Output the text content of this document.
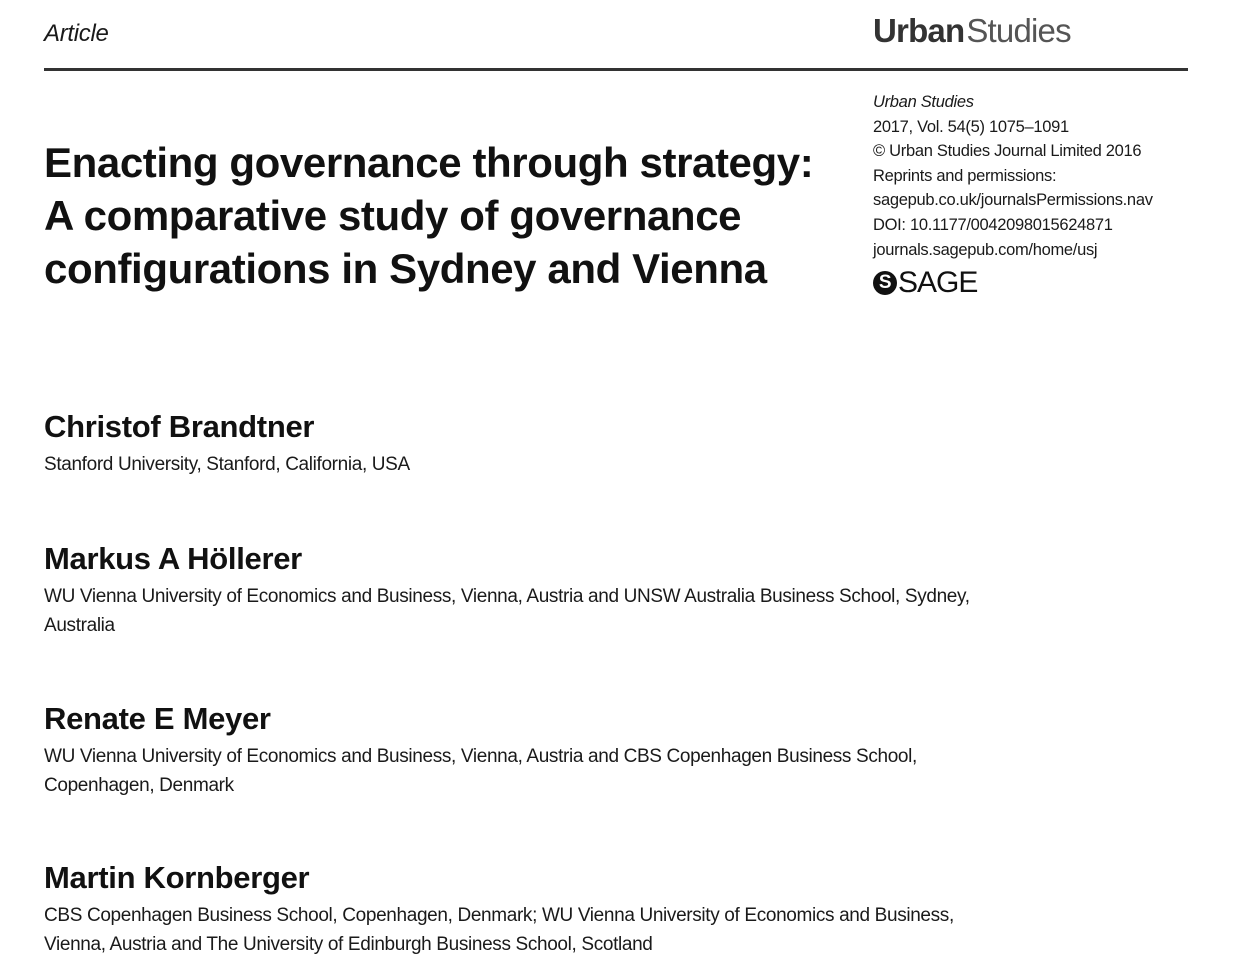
Article	UrbanStudies
Enacting governance through strategy: A comparative study of governance configurations in Sydney and Vienna
Urban Studies
2017, Vol. 54(5) 1075–1091
© Urban Studies Journal Limited 2016
Reprints and permissions:
sagepub.co.uk/journalsPermissions.nav
DOI: 10.1177/0042098015624871
journals.sagepub.com/home/usj
S SAGE
Christof Brandtner
Stanford University, Stanford, California, USA
Markus A Höllerer
WU Vienna University of Economics and Business, Vienna, Austria and UNSW Australia Business School, Sydney, Australia
Renate E Meyer
WU Vienna University of Economics and Business, Vienna, Austria and CBS Copenhagen Business School, Copenhagen, Denmark
Martin Kornberger
CBS Copenhagen Business School, Copenhagen, Denmark; WU Vienna University of Economics and Business, Vienna, Austria and The University of Edinburgh Business School, Scotland
